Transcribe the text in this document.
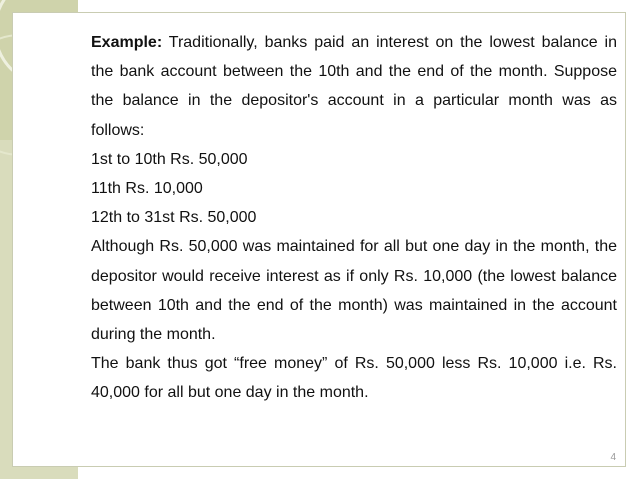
Example: Traditionally, banks paid an interest on the lowest balance in the bank account between the 10th and the end of the month. Suppose the balance in the depositor's account in a particular month was as follows:

1st to 10th Rs. 50,000

11th Rs. 10,000

12th to 31st Rs. 50,000

Although Rs. 50,000 was maintained for all but one day in the month, the depositor would receive interest as if only Rs. 10,000 (the lowest balance between 10th and the end of the month) was maintained in the account during the month.

The bank thus got “free money” of Rs. 50,000 less Rs. 10,000 i.e. Rs. 40,000 for all but one day in the month.

4
